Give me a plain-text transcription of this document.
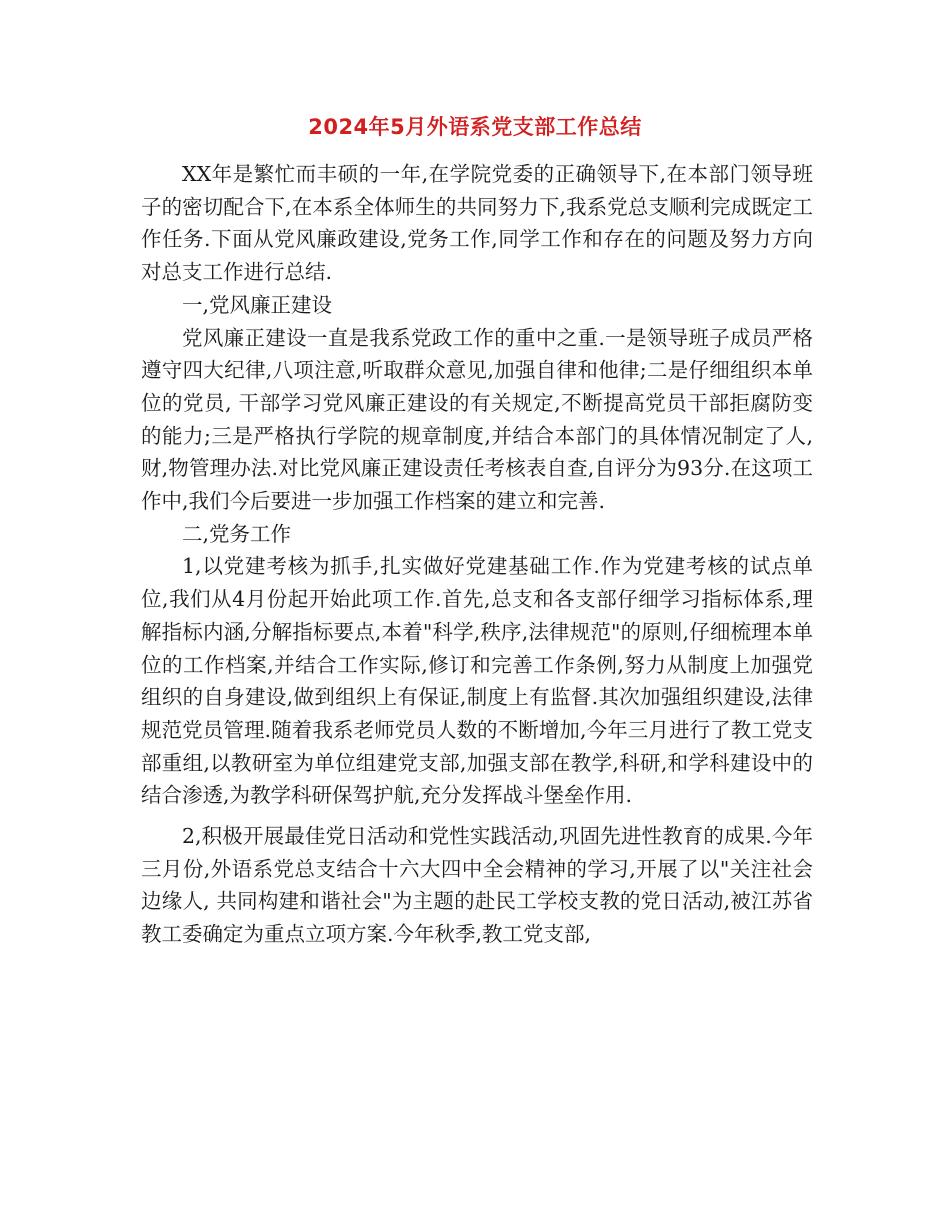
2024年5月外语系党支部工作总结

XX年是繁忙而丰硕的一年,在学院党委的正确领导下,在本部门领导班子的密切配合下,在本系全体师生的共同努力下,我系党总支顺利完成既定工作任务.下面从党风廉政建设,党务工作,同学工作和存在的问题及努力方向对总支工作进行总结.

一,党风廉正建设

党风廉正建设一直是我系党政工作的重中之重.一是领导班子成员严格遵守四大纪律,八项注意,听取群众意见,加强自律和他律;二是仔细组织本单位的党员, 干部学习党风廉正建设的有关规定,不断提高党员干部拒腐防变的能力;三是严格执行学院的规章制度,并结合本部门的具体情况制定了人,财,物管理办法.对比党风廉正建设责任考核表自查,自评分为93分.在这项工作中,我们今后要进一步加强工作档案的建立和完善.

二,党务工作

1,以党建考核为抓手,扎实做好党建基础工作.作为党建考核的试点单位,我们从4月份起开始此项工作.首先,总支和各支部仔细学习指标体系,理解指标内涵,分解指标要点,本着"科学,秩序,法律规范"的原则,仔细梳理本单位的工作档案,并结合工作实际,修订和完善工作条例,努力从制度上加强党组织的自身建设,做到组织上有保证,制度上有监督.其次加强组织建设,法律规范党员管理.随着我系老师党员人数的不断增加,今年三月进行了教工党支部重组,以教研室为单位组建党支部,加强支部在教学,科研,和学科建设中的结合渗透,为教学科研保驾护航,充分发挥战斗堡垒作用.

2,积极开展最佳党日活动和党性实践活动,巩固先进性教育的成果.今年三月份,外语系党总支结合十六大四中全会精神的学习,开展了以"关注社会边缘人, 共同构建和谐社会"为主题的赴民工学校支教的党日活动,被江苏省教工委确定为重点立项方案.今年秋季,教工党支部,
